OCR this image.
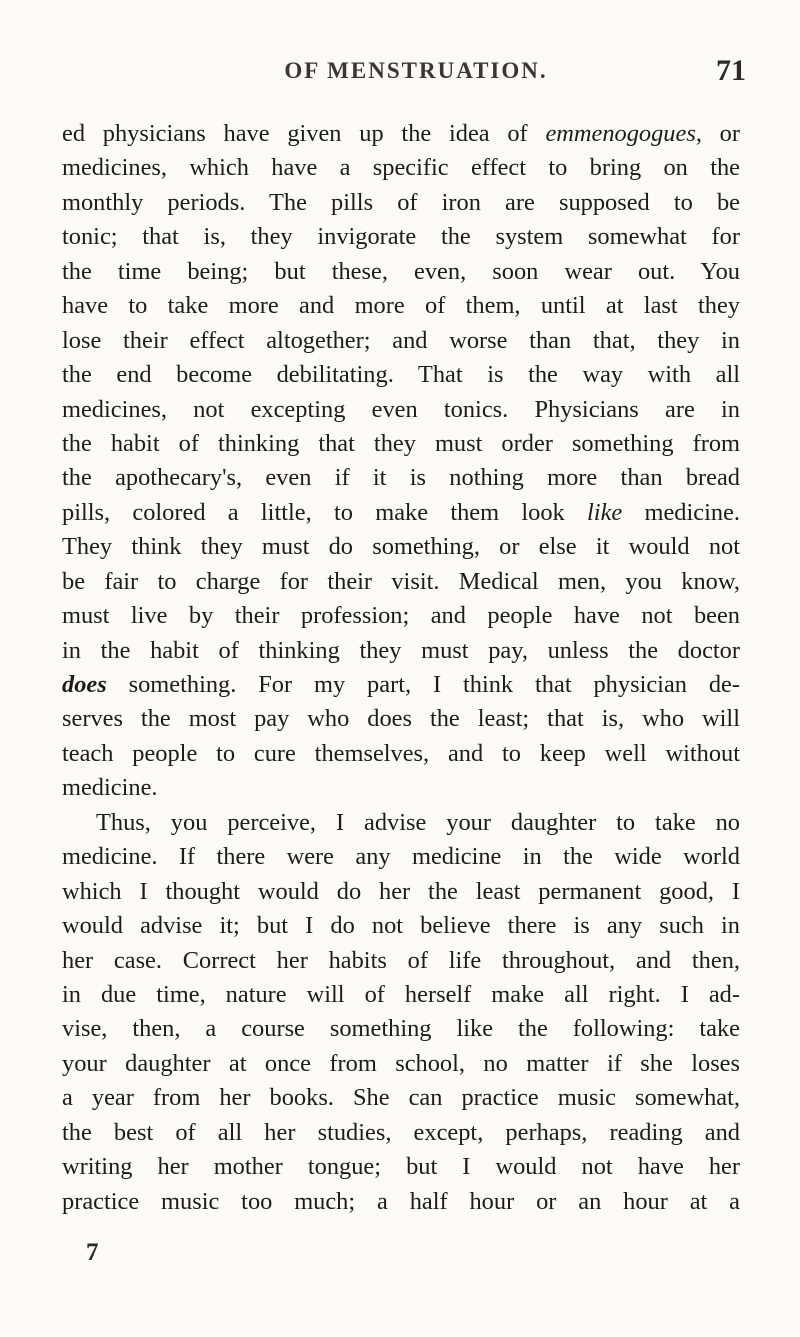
OF MENSTRUATION.	71
ed physicians have given up the idea of emmenogogues, or
medicines, which have a specific effect to bring on the
monthly periods. The pills of iron are supposed to be
tonic; that is, they invigorate the system somewhat for
the time being; but these, even, soon wear out. You
have to take more and more of them, until at last they
lose their effect altogether; and worse than that, they in
the end become debilitating. That is the way with all
medicines, not excepting even tonics. Physicians are in
the habit of thinking that they must order something from
the apothecary's, even if it is nothing more than bread
pills, colored a little, to make them look like medicine.
They think they must do something, or else it would not
be fair to charge for their visit. Medical men, you know,
must live by their profession; and people have not been
in the habit of thinking they must pay, unless the doctor
does something. For my part, I think that physician de-
serves the most pay who does the least; that is, who will
teach people to cure themselves, and to keep well without
medicine.
Thus, you perceive, I advise your daughter to take no
medicine. If there were any medicine in the wide world
which I thought would do her the least permanent good, I
would advise it; but I do not believe there is any such in
her case. Correct her habits of life throughout, and then,
in due time, nature will of herself make all right. I ad-
vise, then, a course something like the following: take
your daughter at once from school, no matter if she loses
a year from her books. She can practice music somewhat,
the best of all her studies, except, perhaps, reading and
writing her mother tongue; but I would not have her
practice music too much; a half hour or an hour at a
7
